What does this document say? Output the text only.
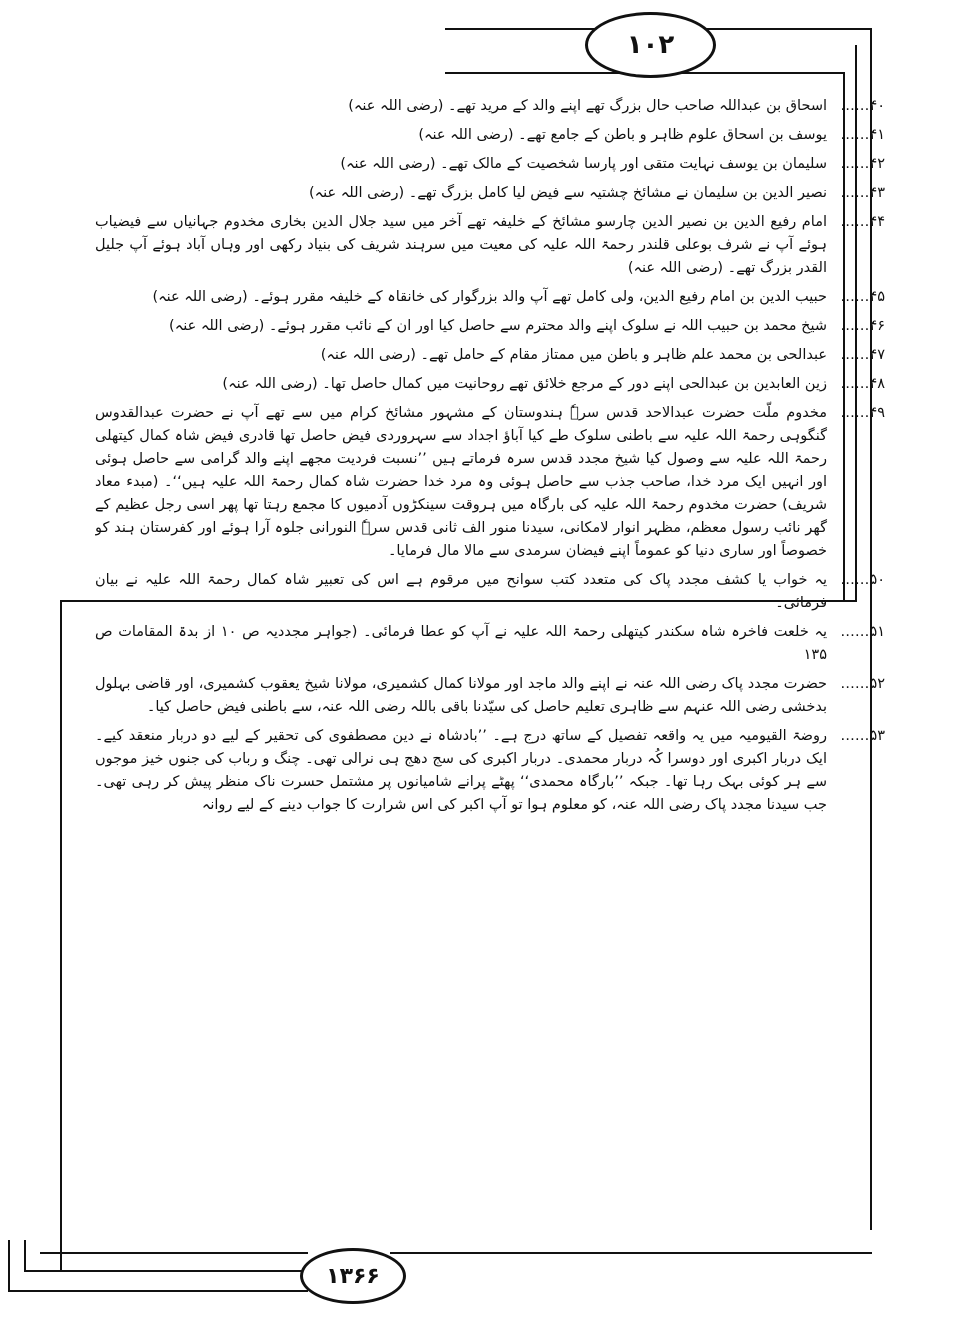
۱۰۲
۱۳۶۶
۴۰……
اسحاق بن عبداللہ صاحب حال بزرگ تھے اپنے والد کے مرید تھے۔ (رضی اللہ عنہ)
۴۱……
یوسف بن اسحاق علوم ظاہر و باطن کے جامع تھے۔ (رضی اللہ عنہ)
۴۲……
سلیمان بن یوسف نہایت متقی اور پارسا شخصیت کے مالک تھے۔ (رضی اللہ عنہ)
۴۳……
نصیر الدین بن سلیمان نے مشائخ چشتیہ سے فیض لیا کامل بزرگ تھے۔ (رضی اللہ عنہ)
۴۴……
امام رفیع الدین بن نصیر الدین چارسو مشائخ کے خلیفہ تھے آخر میں سید جلال الدین بخاری مخدوم جہانیاں سے فیضیاب ہوئے آپ نے شرف بوعلی قلندر رحمۃ اللہ علیہ کی معیت میں سرہند شریف کی بنیاد رکھی اور وہاں آباد ہوئے آپ جلیل القدر بزرگ تھے۔ (رضی اللہ عنہ)
۴۵……
حبیب الدین بن امام رفیع الدین، ولی کامل تھے آپ والد بزرگوار کی خانقاہ کے خلیفہ مقرر ہوئے۔ (رضی اللہ عنہ)
۴۶……
شیخ محمد بن حبیب اللہ نے سلوک اپنے والد محترم سے حاصل کیا اور ان کے نائب مقرر ہوئے۔ (رضی اللہ عنہ)
۴۷……
عبدالحی بن محمد علم ظاہر و باطن میں ممتاز مقام کے حامل تھے۔ (رضی اللہ عنہ)
۴۸……
زین العابدین بن عبدالحی اپنے دور کے مرجع خلائق تھے روحانیت میں کمال حاصل تھا۔ (رضی اللہ عنہ)
۴۹……
مخدوم ملّت حضرت عبدالاحد قدس سرہٗ ہندوستان کے مشہور مشائخ کرام میں سے تھے آپ نے حضرت عبدالقدوس گنگوہی رحمۃ اللہ علیہ سے باطنی سلوک طے کیا آباؤ اجداد سے سہروردی فیض حاصل تھا قادری فیض شاہ کمال کیتھلی رحمۃ اللہ علیہ سے وصول کیا شیخ مجدد قدس سرہ فرماتے ہیں ’’نسبت فردیت مجھے اپنے والد گرامی سے حاصل ہوئی اور انہیں ایک مرد خدا، صاحب جذب سے حاصل ہوئی وہ مرد خدا حضرت شاہ کمال رحمۃ اللہ علیہ ہیں‘‘۔ (مبدء معاد شریف) حضرت مخدوم رحمۃ اللہ علیہ کی بارگاہ میں ہروقت سینکڑوں آدمیوں کا مجمع رہتا تھا پھر اسی رجل عظیم کے گھر نائب رسول معظم، مظہر انوار لامکانی، سیدنا منور الف ثانی قدس سرہٗ النورانی جلوہ آرا ہوئے اور کفرستان ہند کو خصوصاً اور ساری دنیا کو عموماً اپنے فیضان سرمدی سے مالا مال فرمایا۔
۵۰……
یہ خواب یا کشف مجدد پاک کی متعدد کتب سوانح میں مرقوم ہے اس کی تعبیر شاہ کمال رحمۃ اللہ علیہ نے بیان فرمائی۔
۵۱……
یہ خلعت فاخرہ شاہ سکندر کیتھلی رحمۃ اللہ علیہ نے آپ کو عطا فرمائی۔ (جواہر مجددیہ ص ۱۰ از بدۃ المقامات ص ۱۳۵
۵۲……
حضرت مجدد پاک رضی اللہ عنہ نے اپنے والد ماجد اور مولانا کمال کشمیری، مولانا شیخ یعقوب کشمیری، اور قاضی بہلول بدخشی رضی اللہ عنہم سے ظاہری تعلیم حاصل کی سیّدنا باقی باللہ رضی اللہ عنہ، سے باطنی فیض حاصل کیا۔
۵۳……
روضۃ القیومیہ میں یہ واقعہ تفصیل کے ساتھ درج ہے۔ ’’بادشاہ نے دین مصطفوی کی تحقیر کے لیے دو دربار منعقد کیے۔ ایک دربار اکبری اور دوسرا کُہ دربار محمدی۔ دربار اکبری کی سج دھج ہی نرالی تھی۔ چنگ و رباب کی جنوں خیز موجوں سے ہر کوئی بہک رہا تھا۔ جبکہ ’’بارگاہ محمدی‘‘ پھٹے پرانے شامیانوں پر مشتمل حسرت ناک منظر پیش کر رہی تھی۔ جب سیدنا مجدد پاک رضی اللہ عنہ، کو معلوم ہوا تو آپ اکبر کی اس شرارت کا جواب دینے کے لیے روانہ
